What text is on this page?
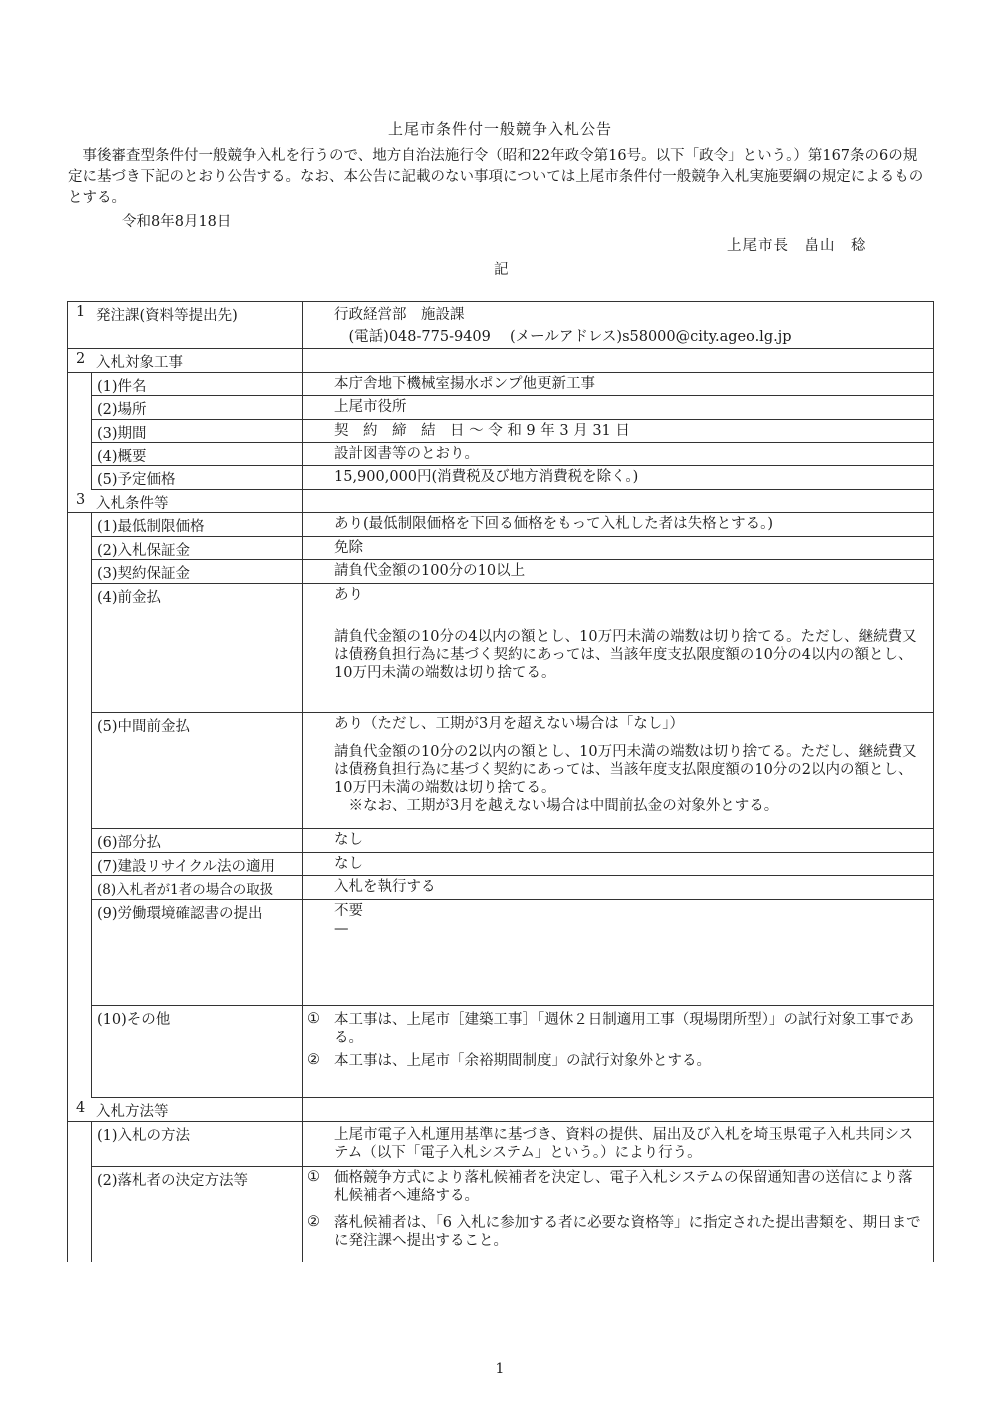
上尾市条件付一般競争入札公告
　事後審査型条件付一般競争入札を行うので、地方自治法施行令（昭和22年政令第16号。以下「政令」という。）第167条の6の規定に基づき下記のとおり公告する。なお、本公告に記載のない事項については上尾市条件付一般競争入札実施要綱の規定によるものとする。
令和8年8月18日
上尾市長　畠山　稔
記
1 発注課(資料等提出先)	行政経営部　施設課

　(電話)048-775-9409　 (メールアドレス)s58000@city.ageo.lg.jp

2 入札対象工事
(1)件名	本庁舎地下機械室揚水ポンプ他更新工事
(2)場所	上尾市役所
(3)期間	契　約　締　結　日 ～ 令 和 9 年 3 月 31 日
(4)概要	設計図書等のとおり。
(5)予定価格	15,900,000円(消費税及び地方消費税を除く。)
3 入札条件等
(1)最低制限価格	あり(最低制限価格を下回る価格をもって入札した者は失格とする。)
(2)入札保証金	免除
(3)契約保証金	請負代金額の100分の10以上
(4)前金払	あり

請負代金額の10分の4以内の額とし、10万円未満の端数は切り捨てる。ただし、継続費又は債務負担行為に基づく契約にあっては、当該年度支払限度額の10分の4以内の額とし、10万円未満の端数は切り捨てる。

(5)中間前金払	あり（ただし、工期が3月を超えない場合は「なし」）

請負代金額の10分の2以内の額とし、10万円未満の端数は切り捨てる。ただし、継続費又は債務負担行為に基づく契約にあっては、当該年度支払限度額の10分の2以内の額とし、10万円未満の端数は切り捨てる。

　※なお、工期が3月を越えない場合は中間前払金の対象外とする。

(6)部分払	なし
(7)建設リサイクル法の適用	なし
(8)入札者が1者の場合の取扱	入札を執行する
(9)労働環境確認書の提出	不要

—

(10)その他	① 本工事は、上尾市［建築工事］「週休２日制適用工事（現場閉所型）」の試行対象工事である。
② 本工事は、上尾市「余裕期間制度」の試行対象外とする。
4 入札方法等
(1)入札の方法	上尾市電子入札運用基準に基づき、資料の提供、届出及び入札を埼玉県電子入札共同システム（以下「電子入札システム」という。）により行う。
(2)落札者の決定方法等	① 価格競争方式により落札候補者を決定し、電子入札システムの保留通知書の送信により落札候補者へ連絡する。
② 落札候補者は、「6 入札に参加する者に必要な資格等」に指定された提出書類を、期日までに発注課へ提出すること。
1
